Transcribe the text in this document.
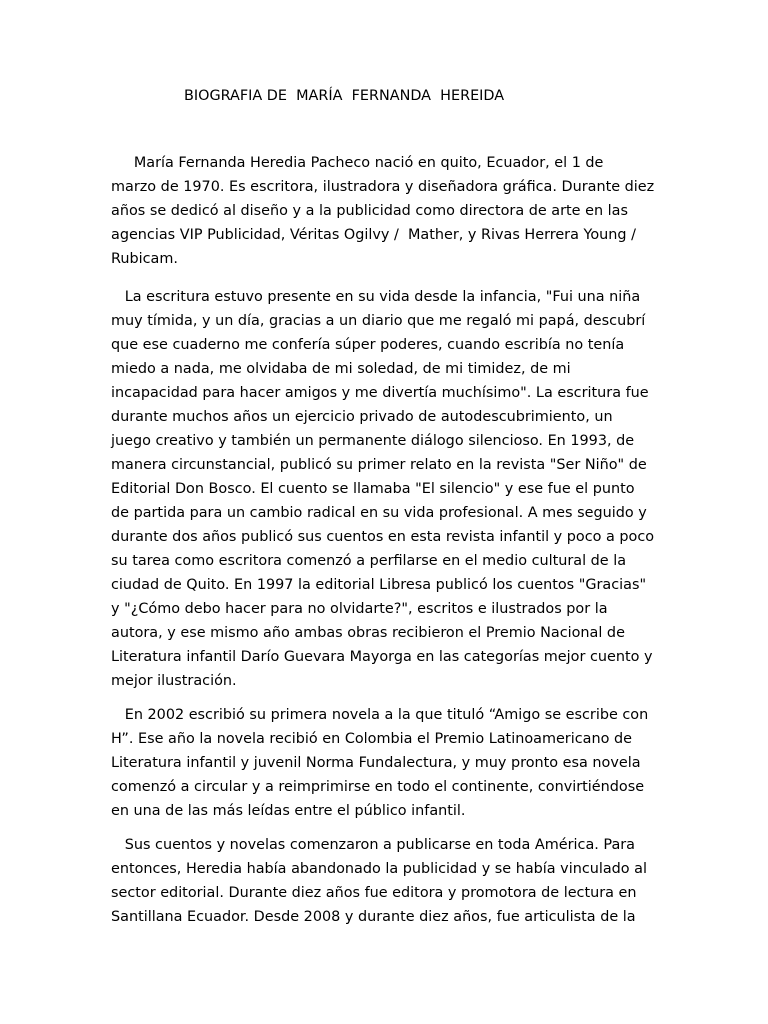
BIOGRAFIA DE  MARÍA  FERNANDA  HEREIDA
María Fernanda Heredia Pacheco nació en quito, Ecuador, el 1 de
marzo de 1970. Es escritora, ilustradora y diseñadora gráfica. Durante diez
años se dedicó al diseño y a la publicidad como directora de arte en las
agencias VIP Publicidad, Véritas Ogilvy /  Mather, y Rivas Herrera Young /
Rubicam.
La escritura estuvo presente en su vida desde la infancia, "Fui una niña
muy tímida, y un día, gracias a un diario que me regaló mi papá, descubrí
que ese cuaderno me confería súper poderes, cuando escribía no tenía
miedo a nada, me olvidaba de mi soledad, de mi timidez, de mi
incapacidad para hacer amigos y me divertía muchísimo". La escritura fue
durante muchos años un ejercicio privado de autodescubrimiento, un
juego creativo y también un permanente diálogo silencioso. En 1993, de
manera circunstancial, publicó su primer relato en la revista "Ser Niño" de
Editorial Don Bosco. El cuento se llamaba "El silencio" y ese fue el punto
de partida para un cambio radical en su vida profesional. A mes seguido y
durante dos años publicó sus cuentos en esta revista infantil y poco a poco
su tarea como escritora comenzó a perfilarse en el medio cultural de la
ciudad de Quito. En 1997 la editorial Libresa publicó los cuentos "Gracias"
y "¿Cómo debo hacer para no olvidarte?", escritos e ilustrados por la
autora, y ese mismo año ambas obras recibieron el Premio Nacional de
Literatura infantil Darío Guevara Mayorga en las categorías mejor cuento y
mejor ilustración.
En 2002 escribió su primera novela a la que tituló “Amigo se escribe con
H”. Ese año la novela recibió en Colombia el Premio Latinoamericano de
Literatura infantil y juvenil Norma Fundalectura, y muy pronto esa novela
comenzó a circular y a reimprimirse en todo el continente, convirtiéndose
en una de las más leídas entre el público infantil.
Sus cuentos y novelas comenzaron a publicarse en toda América. Para
entonces, Heredia había abandonado la publicidad y se había vinculado al
sector editorial. Durante diez años fue editora y promotora de lectura en
Santillana Ecuador. Desde 2008 y durante diez años, fue articulista de la
